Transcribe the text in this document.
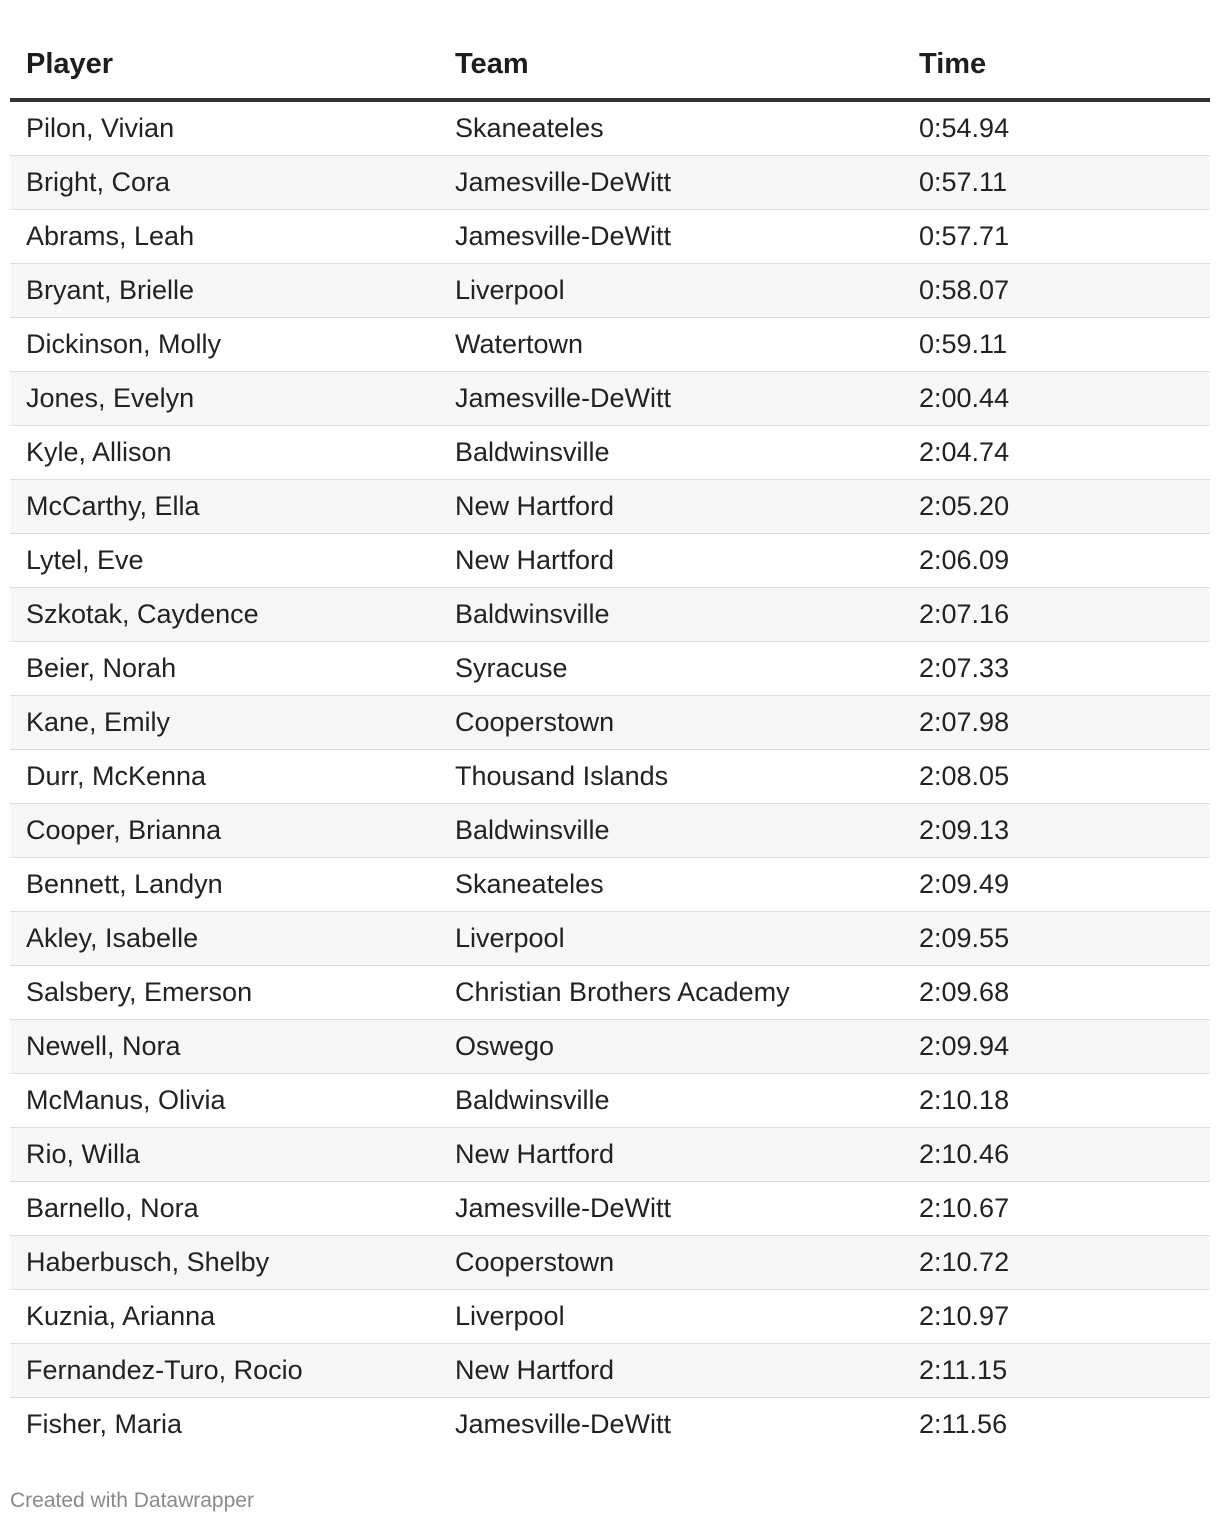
Player	Team	Time
Pilon, Vivian	Skaneateles	0:54.94
Bright, Cora	Jamesville-DeWitt	0:57.11
Abrams, Leah	Jamesville-DeWitt	0:57.71
Bryant, Brielle	Liverpool	0:58.07
Dickinson, Molly	Watertown	0:59.11
Jones, Evelyn	Jamesville-DeWitt	2:00.44
Kyle, Allison	Baldwinsville	2:04.74
McCarthy, Ella	New Hartford	2:05.20
Lytel, Eve	New Hartford	2:06.09
Szkotak, Caydence	Baldwinsville	2:07.16
Beier, Norah	Syracuse	2:07.33
Kane, Emily	Cooperstown	2:07.98
Durr, McKenna	Thousand Islands	2:08.05
Cooper, Brianna	Baldwinsville	2:09.13
Bennett, Landyn	Skaneateles	2:09.49
Akley, Isabelle	Liverpool	2:09.55
Salsbery, Emerson	Christian Brothers Academy	2:09.68
Newell, Nora	Oswego	2:09.94
McManus, Olivia	Baldwinsville	2:10.18
Rio, Willa	New Hartford	2:10.46
Barnello, Nora	Jamesville-DeWitt	2:10.67
Haberbusch, Shelby	Cooperstown	2:10.72
Kuznia, Arianna	Liverpool	2:10.97
Fernandez-Turo, Rocio	New Hartford	2:11.15
Fisher, Maria	Jamesville-DeWitt	2:11.56
Created with Datawrapper
